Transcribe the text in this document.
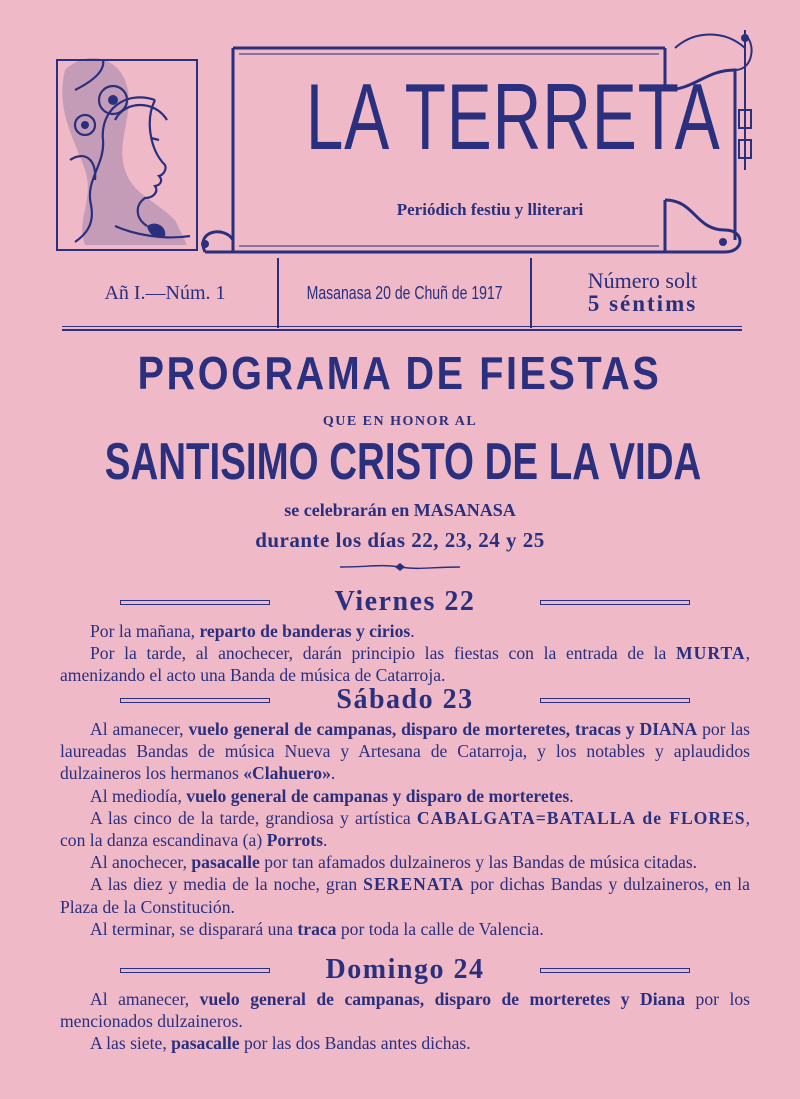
LA TERRETA
Periódich festiu y lliterari
Añ I.—Núm. 1	Masanasa 20 de Chuñ de 1917	Número solt
5 séntims
PROGRAMA DE FIESTAS
QUE EN HONOR AL
SANTISIMO CRISTO DE LA VIDA
se celebrarán en MASANASA
durante los días 22, 23, 24 y 25
Viernes 22

Por la mañana, reparto de banderas y cirios.

Por la tarde, al anochecer, darán principio las fiestas con la entrada de la MURTA, amenizando el acto una Banda de música de Catarroja.

Sábado 23

Al amanecer, vuelo general de campanas, disparo de morteretes, tracas y DIANA por las laureadas Bandas de música Nueva y Artesana de Catarroja, y los notables y aplaudidos dulzaineros los hermanos «Clahuero».

Al mediodía, vuelo general de campanas y disparo de morteretes.

A las cinco de la tarde, grandiosa y artística CABALGATA=BATALLA de FLORES, con la danza escandinava (a) Porrots.

Al anochecer, pasacalle por tan afamados dulzaineros y las Bandas de música citadas.

A las diez y media de la noche, gran SERENATA por dichas Bandas y dulzaineros, en la Plaza de la Constitución.

Al terminar, se disparará una traca por toda la calle de Valencia.

Domingo 24

Al amanecer, vuelo general de campanas, disparo de morteretes y Diana por los mencionados dulzaineros.

A las siete, pasacalle por las dos Bandas antes dichas.
